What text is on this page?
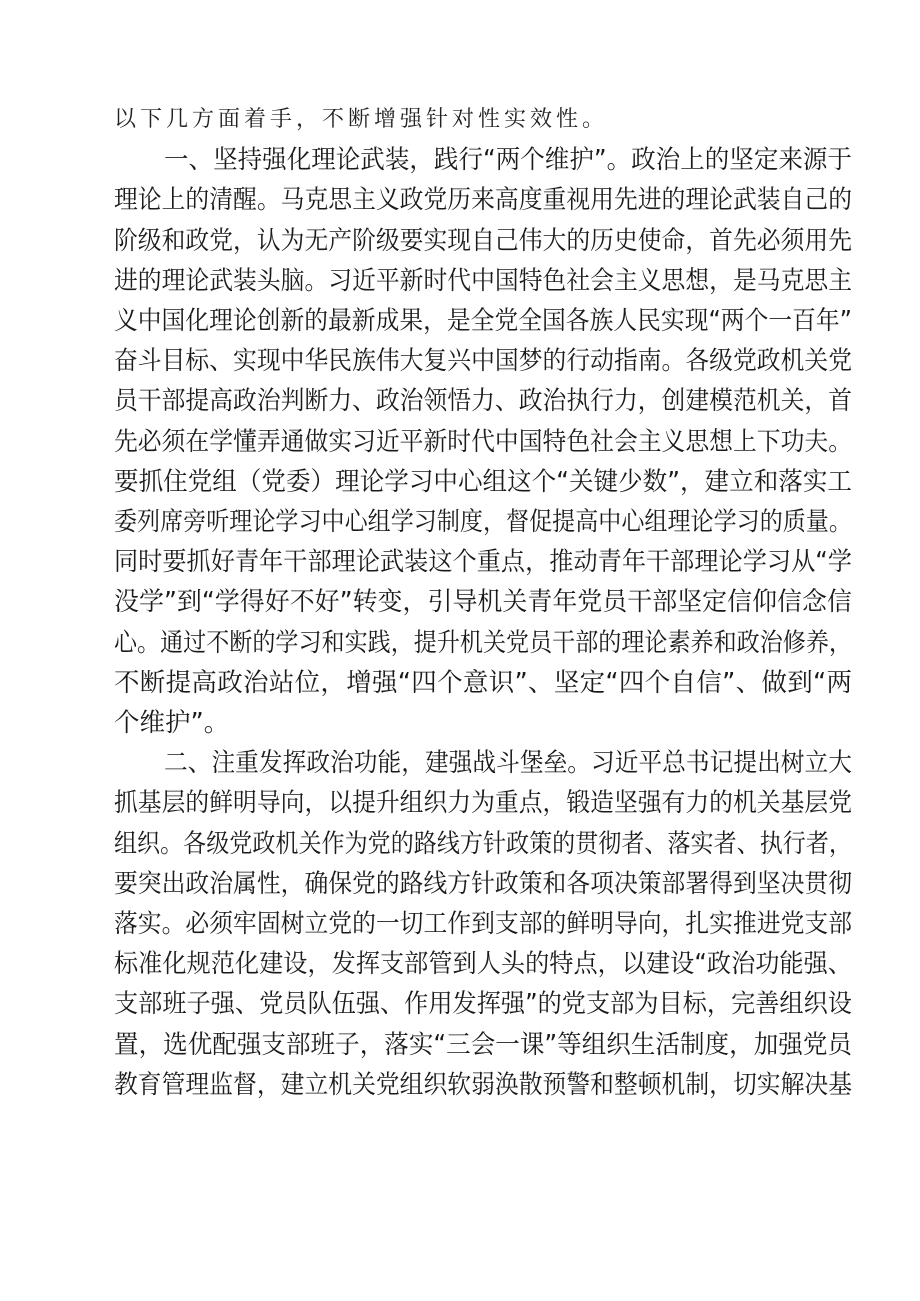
以下几方面着手，不断增强针对性实效性。
一、坚持强化理论武装，践行“两个维护”。政治上的坚定来源于
理论上的清醒。马克思主义政党历来高度重视用先进的理论武装自己的
阶级和政党，认为无产阶级要实现自己伟大的历史使命，首先必须用先
进的理论武装头脑。习近平新时代中国特色社会主义思想，是马克思主
义中国化理论创新的最新成果，是全党全国各族人民实现“两个一百年”
奋斗目标、实现中华民族伟大复兴中国梦的行动指南。各级党政机关党
员干部提高政治判断力、政治领悟力、政治执行力，创建模范机关，首
先必须在学懂弄通做实习近平新时代中国特色社会主义思想上下功夫。
要抓住党组（党委）理论学习中心组这个“关键少数”，建立和落实工
委列席旁听理论学习中心组学习制度，督促提高中心组理论学习的质量。
同时要抓好青年干部理论武装这个重点，推动青年干部理论学习从“学
没学”到“学得好不好”转变，引导机关青年党员干部坚定信仰信念信
心。通过不断的学习和实践，提升机关党员干部的理论素养和政治修养，
不断提高政治站位，增强“四个意识”、坚定“四个自信”、做到“两
个维护”。
二、注重发挥政治功能，建强战斗堡垒。习近平总书记提出树立大
抓基层的鲜明导向，以提升组织力为重点，锻造坚强有力的机关基层党
组织。各级党政机关作为党的路线方针政策的贯彻者、落实者、执行者，
要突出政治属性，确保党的路线方针政策和各项决策部署得到坚决贯彻
落实。必须牢固树立党的一切工作到支部的鲜明导向，扎实推进党支部
标准化规范化建设，发挥支部管到人头的特点，以建设“政治功能强、
支部班子强、党员队伍强、作用发挥强”的党支部为目标，完善组织设
置，选优配强支部班子，落实“三会一课”等组织生活制度，加强党员
教育管理监督，建立机关党组织软弱涣散预警和整顿机制，切实解决基
